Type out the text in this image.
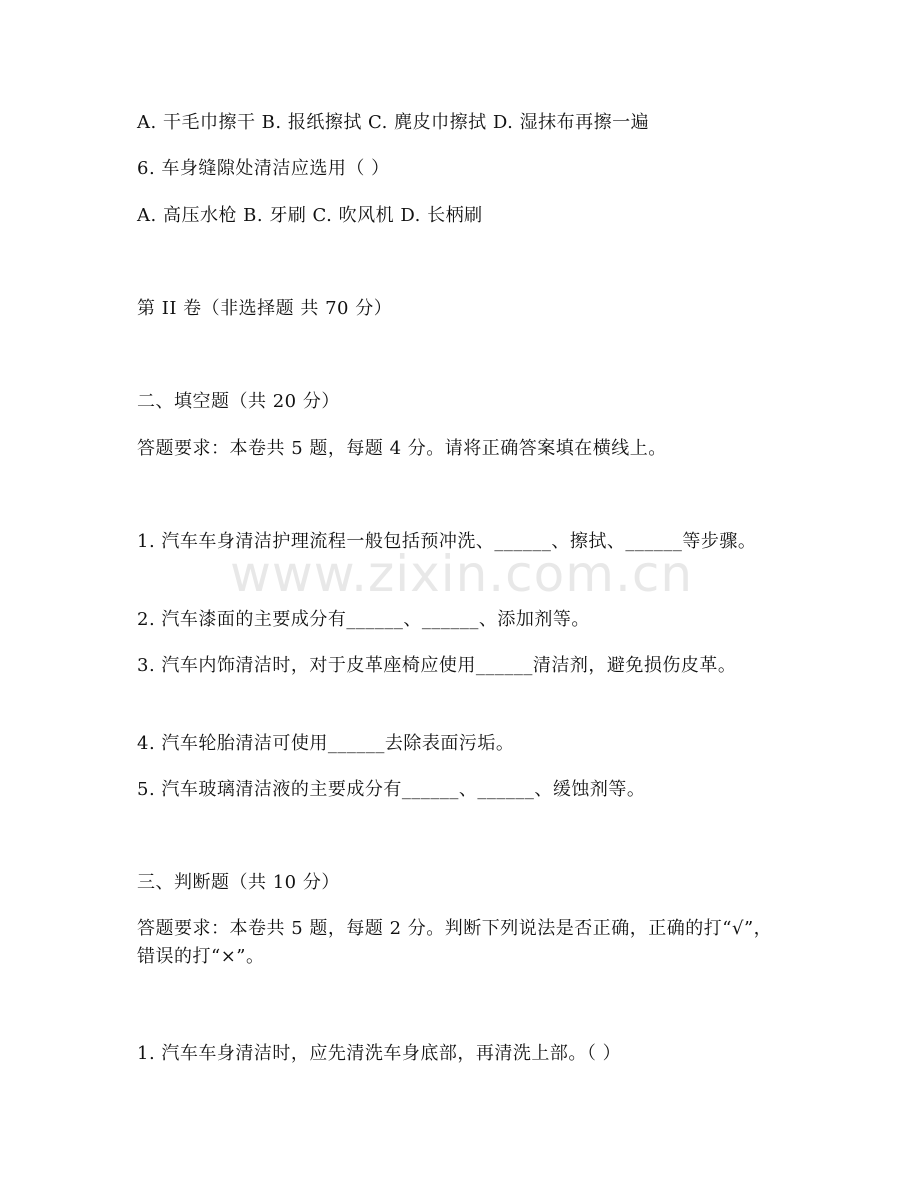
A. 干毛巾擦干 B. 报纸擦拭 C. 麂皮巾擦拭 D. 湿抹布再擦一遍
6. 车身缝隙处清洁应选用（ ）
A. 高压水枪 B. 牙刷 C. 吹风机 D. 长柄刷
第 II 卷（非选择题 共 70 分）
二、填空题（共 20 分）
答题要求：本卷共 5 题，每题 4 分。请将正确答案填在横线上。
1. 汽车车身清洁护理流程一般包括预冲洗、______、擦拭、______等步骤。
2. 汽车漆面的主要成分有______、______、添加剂等。
3. 汽车内饰清洁时，对于皮革座椅应使用______清洁剂，避免损伤皮革。
4. 汽车轮胎清洁可使用______去除表面污垢。
5. 汽车玻璃清洁液的主要成分有______、______、缓蚀剂等。
三、判断题（共 10 分）
答题要求：本卷共 5 题，每题 2 分。判断下列说法是否正确，正确的打“√”，错误的打“×”。
1. 汽车车身清洁时，应先清洗车身底部，再清洗上部。（ ）
www.zixin.com.cn
